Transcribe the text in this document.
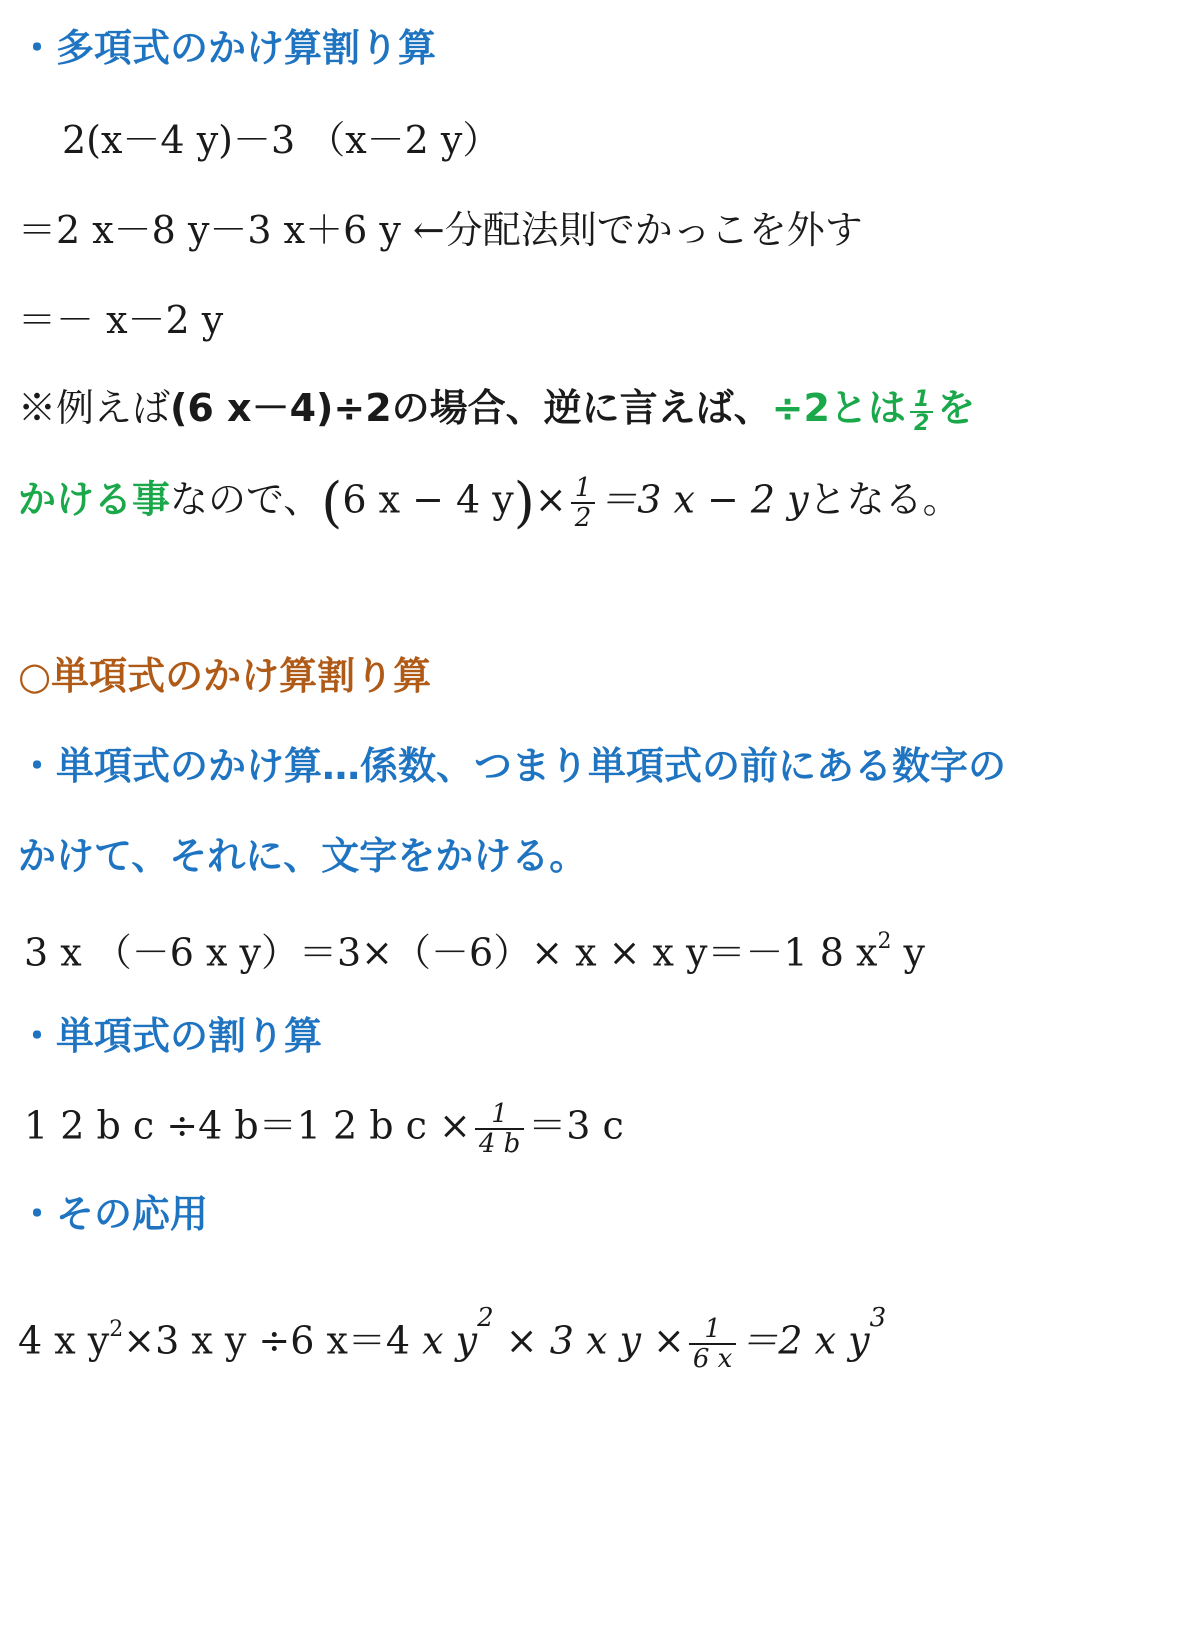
・多項式のかけ算割り算
2(x－4 y)－3 （x－2 y）
＝2 x－8 y－3 x＋6 y ←分配法則でかっこを外す
＝－ x－2 y
※例えば(6 x－4)÷2の場合、逆に言えば、÷2とは $\frac{1}{2}$ を
かける事なので、(6 x − 4 $y)\times \frac{1}{2} =3$ x − 2 yとなる。
○単項式のかけ算割り算
・単項式のかけ算…係数、つまり単項式の前にある数字の
かけて、それに、文字をかける。
3 x （－6 x y）＝3×（－6）× x × x y＝－1 8 $x^2$ y
・単項式の割り算
1 2 b c ÷4 b＝1 2 b $c \times \frac{1}{4 b} =3$ c
・その応用
4 x $y^2\times 3$ x y ÷6 x＝4 x $y^2 \times 3$ x $y \times \frac{1}{6 x} =2$ x $y^3$
